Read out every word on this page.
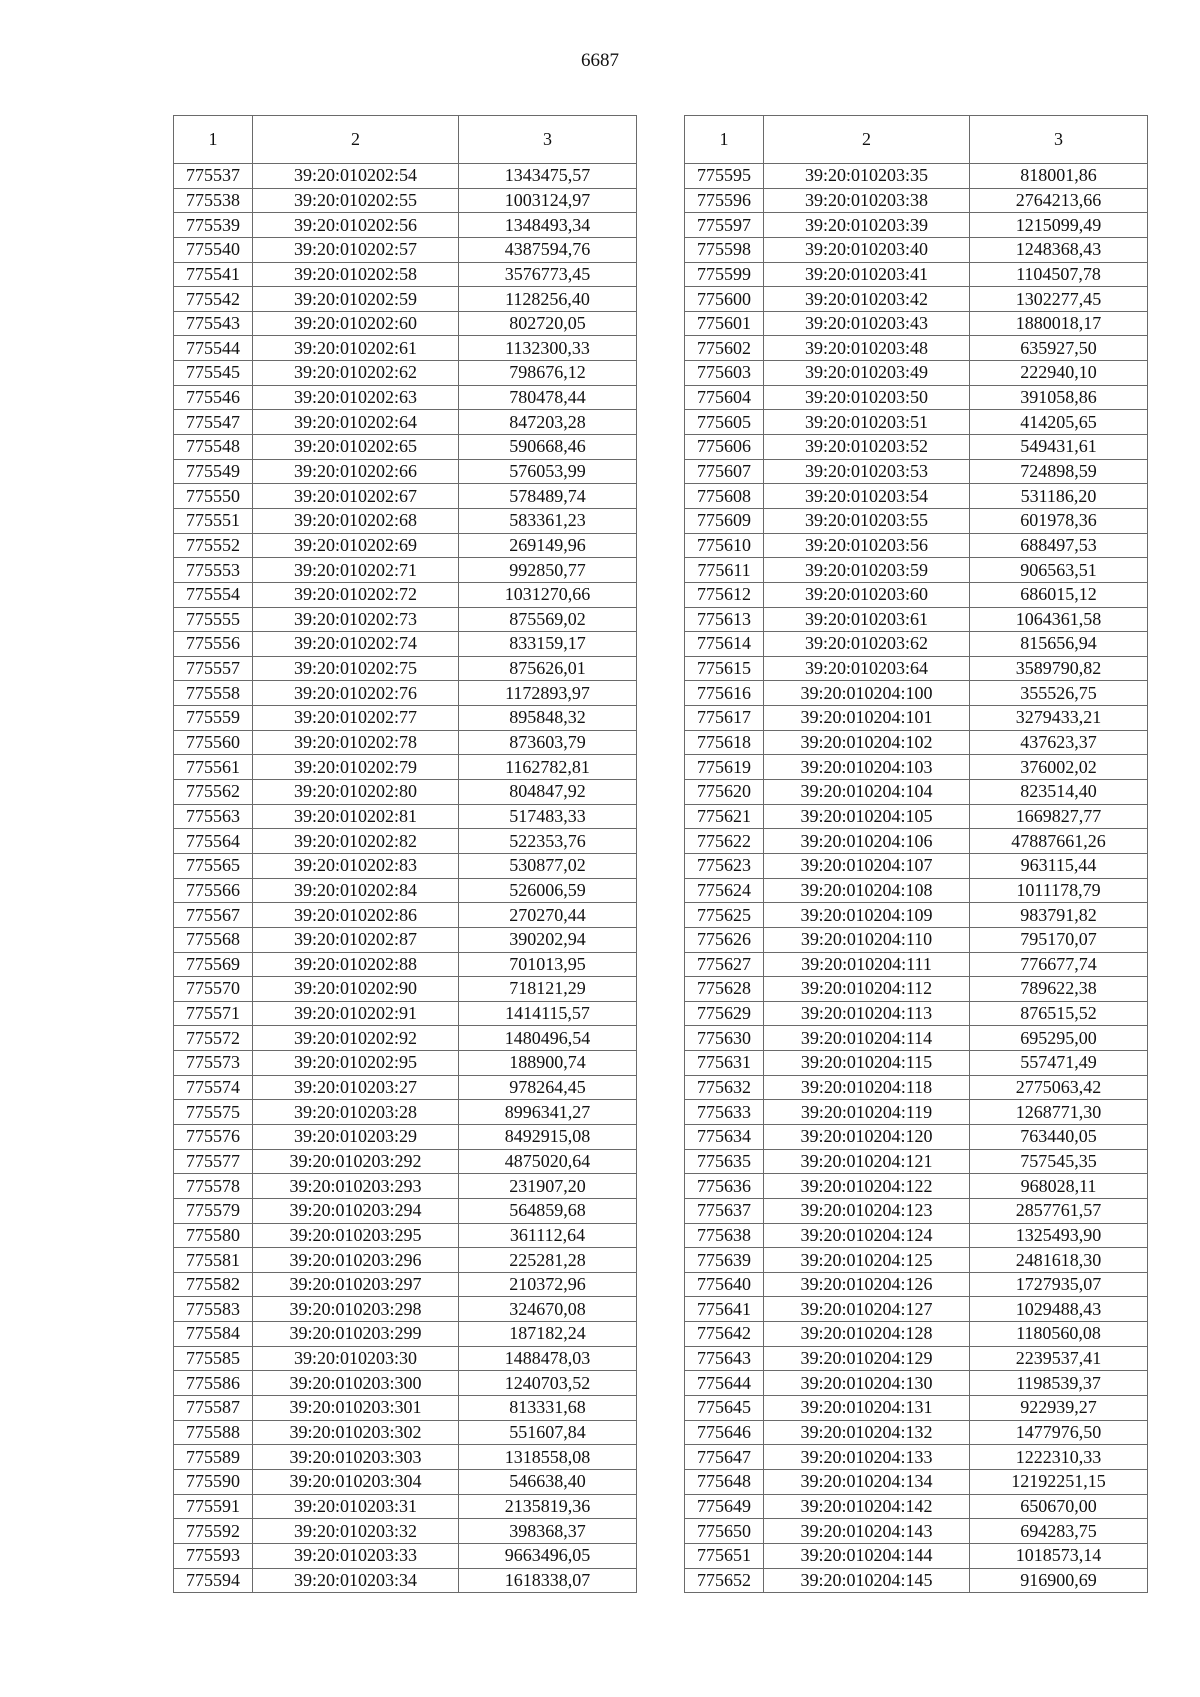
6687
1	2	3
775537	39:20:010202:54	1343475,57
775538	39:20:010202:55	1003124,97
775539	39:20:010202:56	1348493,34
775540	39:20:010202:57	4387594,76
775541	39:20:010202:58	3576773,45
775542	39:20:010202:59	1128256,40
775543	39:20:010202:60	802720,05
775544	39:20:010202:61	1132300,33
775545	39:20:010202:62	798676,12
775546	39:20:010202:63	780478,44
775547	39:20:010202:64	847203,28
775548	39:20:010202:65	590668,46
775549	39:20:010202:66	576053,99
775550	39:20:010202:67	578489,74
775551	39:20:010202:68	583361,23
775552	39:20:010202:69	269149,96
775553	39:20:010202:71	992850,77
775554	39:20:010202:72	1031270,66
775555	39:20:010202:73	875569,02
775556	39:20:010202:74	833159,17
775557	39:20:010202:75	875626,01
775558	39:20:010202:76	1172893,97
775559	39:20:010202:77	895848,32
775560	39:20:010202:78	873603,79
775561	39:20:010202:79	1162782,81
775562	39:20:010202:80	804847,92
775563	39:20:010202:81	517483,33
775564	39:20:010202:82	522353,76
775565	39:20:010202:83	530877,02
775566	39:20:010202:84	526006,59
775567	39:20:010202:86	270270,44
775568	39:20:010202:87	390202,94
775569	39:20:010202:88	701013,95
775570	39:20:010202:90	718121,29
775571	39:20:010202:91	1414115,57
775572	39:20:010202:92	1480496,54
775573	39:20:010202:95	188900,74
775574	39:20:010203:27	978264,45
775575	39:20:010203:28	8996341,27
775576	39:20:010203:29	8492915,08
775577	39:20:010203:292	4875020,64
775578	39:20:010203:293	231907,20
775579	39:20:010203:294	564859,68
775580	39:20:010203:295	361112,64
775581	39:20:010203:296	225281,28
775582	39:20:010203:297	210372,96
775583	39:20:010203:298	324670,08
775584	39:20:010203:299	187182,24
775585	39:20:010203:30	1488478,03
775586	39:20:010203:300	1240703,52
775587	39:20:010203:301	813331,68
775588	39:20:010203:302	551607,84
775589	39:20:010203:303	1318558,08
775590	39:20:010203:304	546638,40
775591	39:20:010203:31	2135819,36
775592	39:20:010203:32	398368,37
775593	39:20:010203:33	9663496,05
775594	39:20:010203:34	1618338,07
1	2	3
775595	39:20:010203:35	818001,86
775596	39:20:010203:38	2764213,66
775597	39:20:010203:39	1215099,49
775598	39:20:010203:40	1248368,43
775599	39:20:010203:41	1104507,78
775600	39:20:010203:42	1302277,45
775601	39:20:010203:43	1880018,17
775602	39:20:010203:48	635927,50
775603	39:20:010203:49	222940,10
775604	39:20:010203:50	391058,86
775605	39:20:010203:51	414205,65
775606	39:20:010203:52	549431,61
775607	39:20:010203:53	724898,59
775608	39:20:010203:54	531186,20
775609	39:20:010203:55	601978,36
775610	39:20:010203:56	688497,53
775611	39:20:010203:59	906563,51
775612	39:20:010203:60	686015,12
775613	39:20:010203:61	1064361,58
775614	39:20:010203:62	815656,94
775615	39:20:010203:64	3589790,82
775616	39:20:010204:100	355526,75
775617	39:20:010204:101	3279433,21
775618	39:20:010204:102	437623,37
775619	39:20:010204:103	376002,02
775620	39:20:010204:104	823514,40
775621	39:20:010204:105	1669827,77
775622	39:20:010204:106	47887661,26
775623	39:20:010204:107	963115,44
775624	39:20:010204:108	1011178,79
775625	39:20:010204:109	983791,82
775626	39:20:010204:110	795170,07
775627	39:20:010204:111	776677,74
775628	39:20:010204:112	789622,38
775629	39:20:010204:113	876515,52
775630	39:20:010204:114	695295,00
775631	39:20:010204:115	557471,49
775632	39:20:010204:118	2775063,42
775633	39:20:010204:119	1268771,30
775634	39:20:010204:120	763440,05
775635	39:20:010204:121	757545,35
775636	39:20:010204:122	968028,11
775637	39:20:010204:123	2857761,57
775638	39:20:010204:124	1325493,90
775639	39:20:010204:125	2481618,30
775640	39:20:010204:126	1727935,07
775641	39:20:010204:127	1029488,43
775642	39:20:010204:128	1180560,08
775643	39:20:010204:129	2239537,41
775644	39:20:010204:130	1198539,37
775645	39:20:010204:131	922939,27
775646	39:20:010204:132	1477976,50
775647	39:20:010204:133	1222310,33
775648	39:20:010204:134	12192251,15
775649	39:20:010204:142	650670,00
775650	39:20:010204:143	694283,75
775651	39:20:010204:144	1018573,14
775652	39:20:010204:145	916900,69
